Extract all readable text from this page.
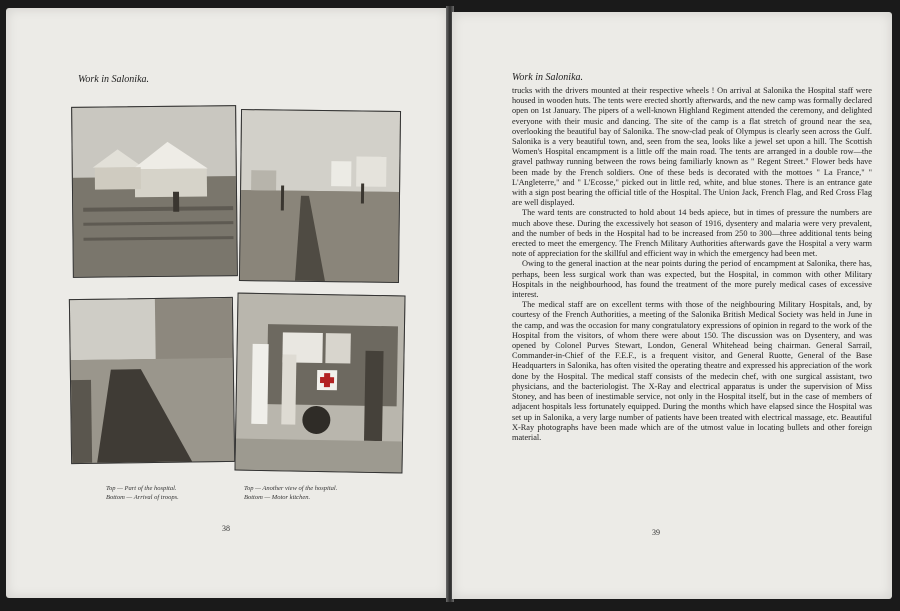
Work in Salonika.
Top — Part of the hospital.
Bottom — Arrival of troops.
Top — Another view of the hospital.
Bottom — Motor kitchen.
38
Work in Salonika.

trucks with the drivers mounted at their respective wheels ! On arrival at Salonika the Hospital staff were housed in wooden huts. The tents were erected shortly afterwards, and the new camp was formally declared open on 1st January. The pipers of a well-known Highland Regiment attended the ceremony, and delighted everyone with their music and dancing. The site of the camp is a flat stretch of ground near the sea, overlooking the beautiful bay of Salonika. The snow-clad peak of Olympus is clearly seen across the Gulf. Salonika is a very beautiful town, and, seen from the sea, looks like a jewel set upon a hill. The Scottish Women's Hospital encampment is a little off the main road. The tents are arranged in a double row—the gravel pathway running between the rows being familiarly known as " Regent Street." Flower beds have been made by the French soldiers. One of these beds is decorated with the mottoes " La France," " L'Angleterre," and " L'Ecosse," picked out in little red, white, and blue stones. There is an entrance gate with a sign post bearing the official title of the Hospital. The Union Jack, French Flag, and Red Cross Flag are well displayed.

The ward tents are constructed to hold about 14 beds apiece, but in times of pressure the numbers are much above these. During the excessively hot season of 1916, dysentery and malaria were very prevalent, and the number of beds in the Hospital had to be increased from 250 to 300—three additional tents being erected to meet the emergency. The French Military Authorities afterwards gave the Hospital a very warm note of appreciation for the skillful and efficient way in which the emergency had been met.

Owing to the general inaction at the near points during the period of encampment at Salonika, there has, perhaps, been less surgical work than was expected, but the Hospital, in common with other Military Hospitals in the neighbourhood, has found the treatment of the more purely medical cases of excessive interest.

The medical staff are on excellent terms with those of the neighbouring Military Hospitals, and, by courtesy of the French Authorities, a meeting of the Salonika British Medical Society was held in June in the camp, and was the occasion for many congratulatory expressions of opinion in regard to the work of the Hospital from the visitors, of whom there were about 150. The discussion was on Dysentery, and was opened by Colonel Purves Stewart, London, General Whitehead being chairman. General Sarrail, Commander-in-Chief of the F.E.F., is a frequent visitor, and General Ruotte, General of the Base Headquarters in Salonika, has often visited the operating theatre and expressed his appreciation of the work done by the Hospital. The medical staff consists of the medecin chef, with one surgical assistant, two physicians, and the bacteriologist. The X-Ray and electrical apparatus is under the supervision of Miss Stoney, and has been of inestimable service, not only in the Hospital itself, but in the case of members of adjacent hospitals less fortunately equipped. During the months which have elapsed since the Hospital was set up in Salonika, a very large number of patients have been treated with electrical massage, etc. Beautiful X-Ray photographs have been made which are of the utmost value in locating bullets and other foreign material.

39
